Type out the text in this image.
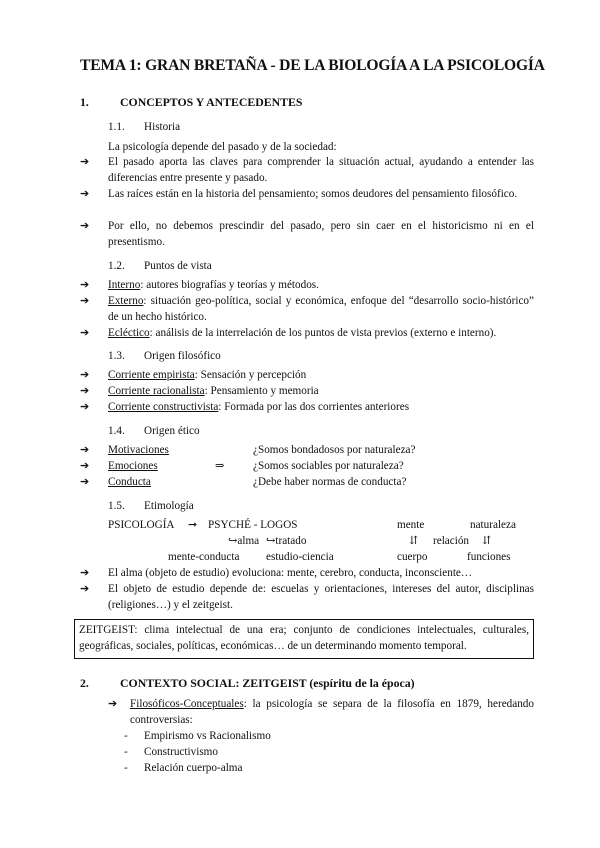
TEMA 1: GRAN BRETAÑA - DE LA BIOLOGÍA A LA PSICOLOGÍA
1.	CONCEPTOS Y ANTECEDENTES
1.1. Historia
La psicología depende del pasado y de la sociedad:
➔	El pasado aporta las claves para comprender la situación actual, ayudando a entender las diferencias entre presente y pasado.
➔	Las raíces están en la historia del pensamiento; somos deudores del pensamiento filosófico.
➔	Por ello, no debemos prescindir del pasado, pero sin caer en el historicismo ni en el presentismo.
1.2. Puntos de vista
➔	Interno: autores biografías y teorías y métodos.
➔	Externo: situación geo-política, social y económica, enfoque del “desarrollo socio-histórico” de un hecho histórico.
➔	Ecléctico: análisis de la interrelación de los puntos de vista previos (externo e interno).
1.3. Origen filosófico
➔	Corriente empirista: Sensación y percepción
➔	Corriente racionalista: Pensamiento y memoria
➔	Corriente constructivista: Formada por las dos corrientes anteriores
1.4. Origen ético
➔	Motivaciones	¿Somos bondadosos por naturaleza?
➔	Emociones	⇒	¿Somos sociables por naturaleza?
➔	Conducta	¿Debe haber normas de conducta?
1.5. Etimología
PSICOLOGÍA ➞ PSYCHÉ - LOGOS
↪alma ↪tratado
mente-conducta estudio-ciencia
mente	naturaleza
⇵ relación ⇵
cuerpo	funciones
➔	El alma (objeto de estudio) evoluciona: mente, cerebro, conducta, inconsciente…
➔	El objeto de estudio depende de: escuelas y orientaciones, intereses del autor, disciplinas (religiones…) y el zeitgeist.
ZEITGEIST: clima intelectual de una era; conjunto de condiciones intelectuales, culturales, geográficas, sociales, políticas, económicas… de un determinando momento temporal.
2.	CONTEXTO SOCIAL: ZEITGEIST (espíritu de la época)
➔	Filosóficos-Conceptuales: la psicología se separa de la filosofía en 1879, heredando controversias:
- Empirismo vs Racionalismo
- Constructivismo
- Relación cuerpo-alma
